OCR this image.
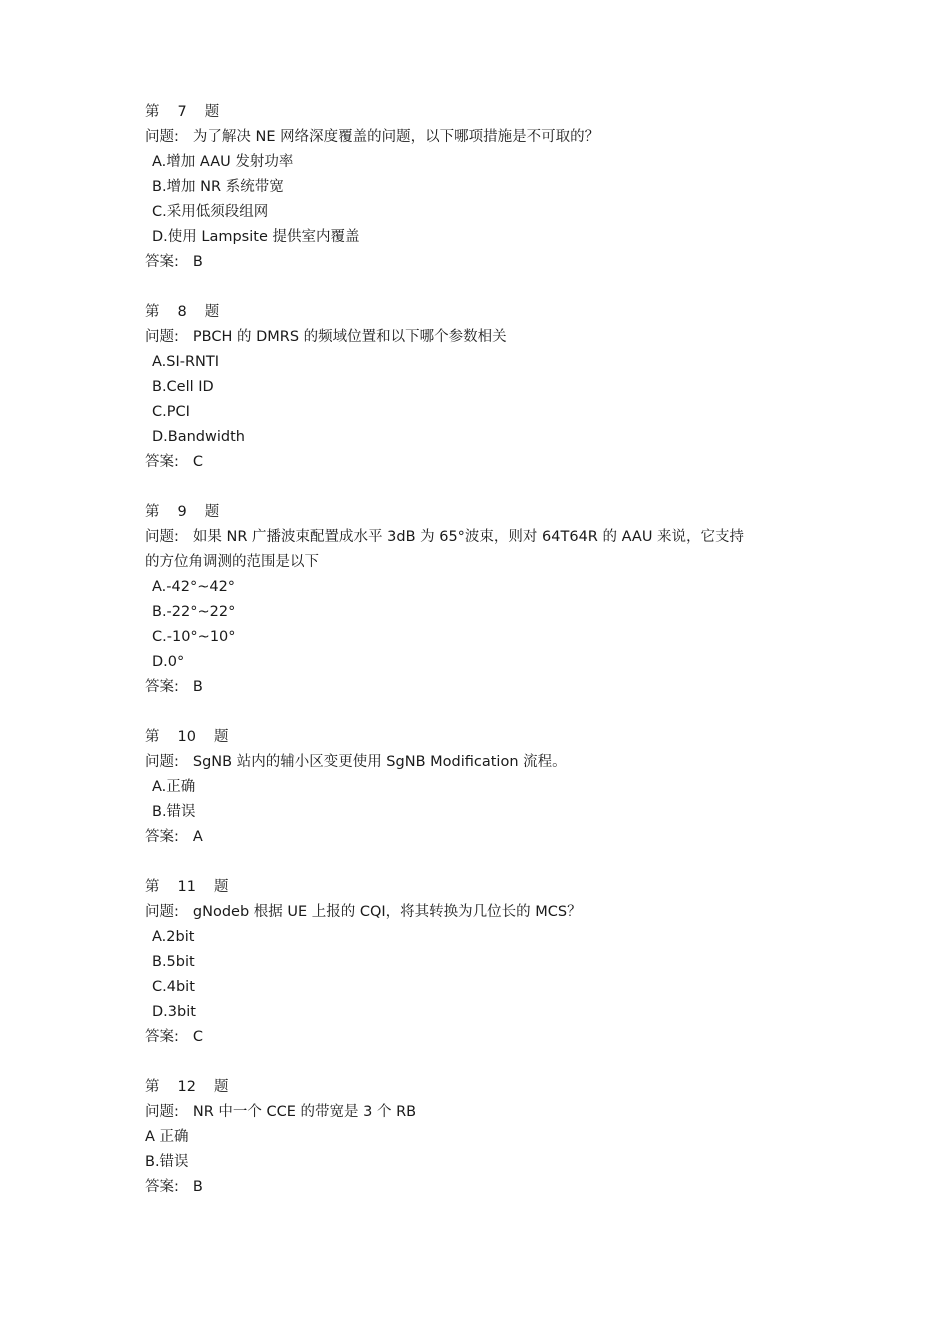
第 7 题
问题: 为了解决 NE 网络深度覆盖的问题，以下哪项措施是不可取的？
A.增加 AAU 发射功率
B.增加 NR 系统带宽
C.采用低须段组网
D.使用 Lampsite 提供室内覆盖
答案: B
第 8 题
问题: PBCH 的 DMRS 的频域位置和以下哪个参数相关
A.SI-RNTI
B.Cell ID
C.PCI
D.Bandwidth
答案: C
第 9 题
问题: 如果 NR 广播波束配置成水平 3dB 为 65°波束，则对 64T64R 的 AAU 来说，它支持
的方位角调测的范围是以下
A.-42°~42°
B.-22°~22°
C.-10°~10°
D.0°
答案: B
第 10 题
问题: SgNB 站内的辅小区变更使用 SgNB Modification 流程。
A.正确
B.错误
答案: A
第 11 题
问题: gNodeb 根据 UE 上报的 CQI，将其转换为几位长的 MCS？
A.2bit
B.5bit
C.4bit
D.3bit
答案: C
第 12 题
问题: NR 中一个 CCE 的带宽是 3 个 RB
A 正确
B.错误
答案: B
